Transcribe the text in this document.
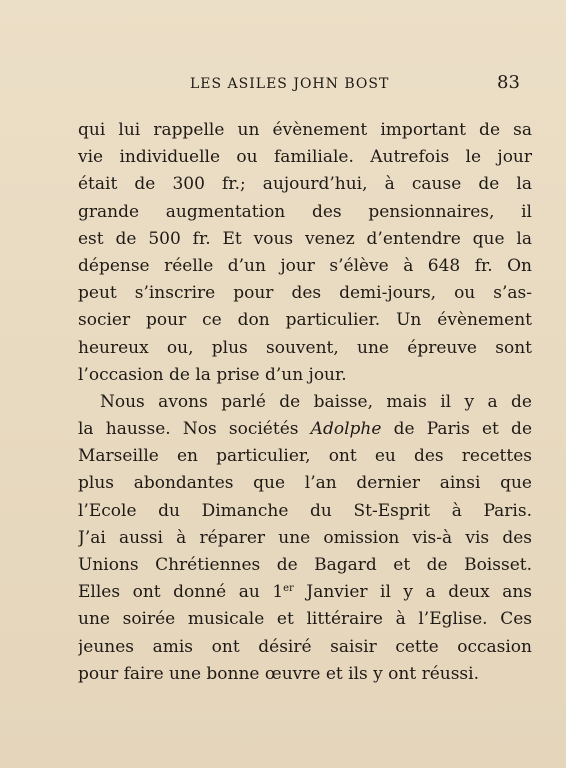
LES ASILES JOHN BOST	83
qui lui rappelle un évènement important de sa
vie individuelle ou familiale. Autrefois le jour
était de 300 fr.; aujourd’hui, à cause de la
grande augmentation des pensionnaires, il
est de 500 fr. Et vous venez d’entendre que la
dépense réelle d’un jour s’élève à 648 fr. On
peut s’inscrire pour des demi-jours, ou s’as-
socier pour ce don particulier. Un évènement
heureux ou, plus souvent, une épreuve sont
l’occasion de la prise d’un jour.
Nous avons parlé de baisse, mais il y a de
la hausse. Nos sociétés Adolphe de Paris et de
Marseille en particulier, ont eu des recettes
plus abondantes que l’an dernier ainsi que
l’Ecole du Dimanche du St-Esprit à Paris.
J’ai aussi à réparer une omission vis-à vis des
Unions Chrétiennes de Bagard et de Boisset.
Elles ont donné au 1er Janvier il y a deux ans
une soirée musicale et littéraire à l’Eglise. Ces
jeunes amis ont désiré saisir cette occasion
pour faire une bonne œuvre et ils y ont réussi.
